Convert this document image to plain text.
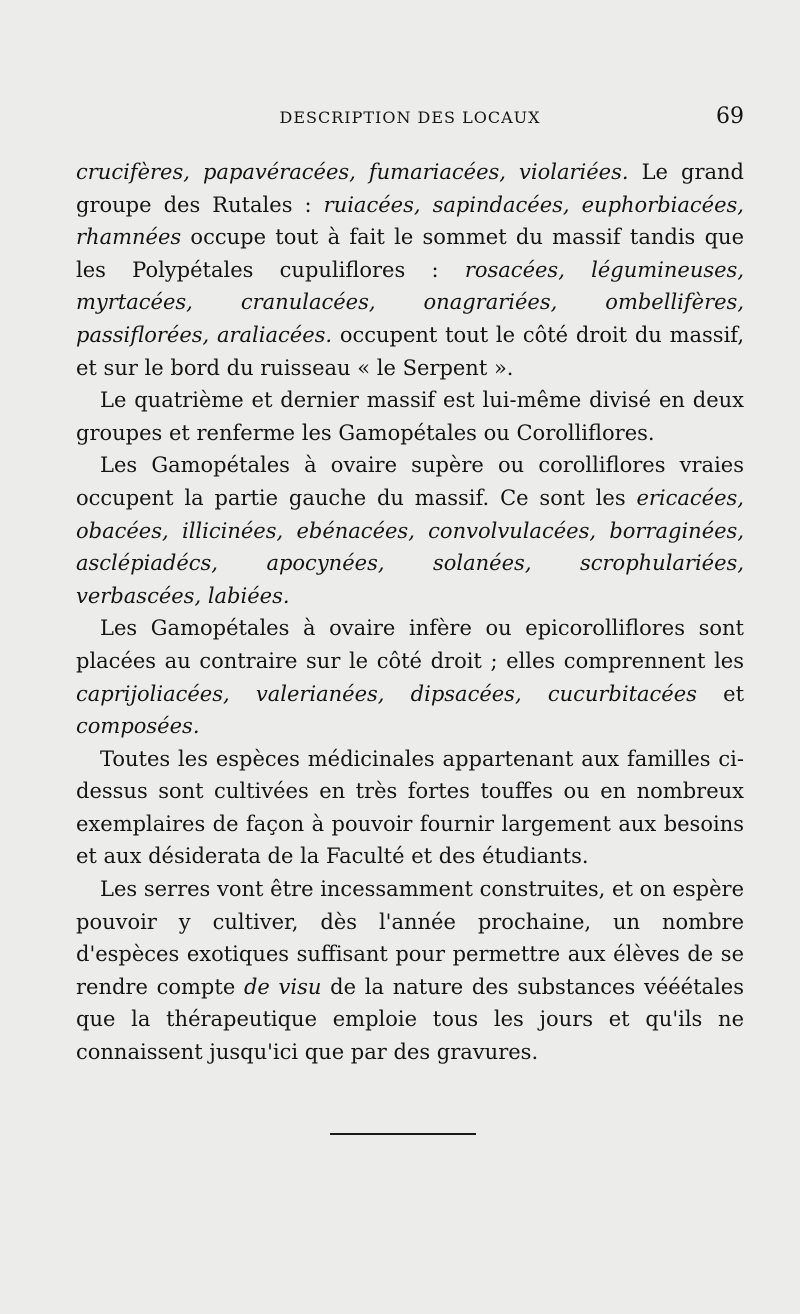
DESCRIPTION DES LOCAUX	69

crucifères, papavéracées, fumariacées, violariées. Le grand groupe des Rutales : ruiacées, sapindacées, euphorbiacées, rhamnées occupe tout à fait le sommet du massif tandis que les Polypétales cupuliflores : rosacées, légumineuses, myrtacées, cranulacées, onagrariées, ombellifères, passiflorées, araliacées. occupent tout le côté droit du massif, et sur le bord du ruisseau « le Serpent ».

Le quatrième et dernier massif est lui-même divisé en deux groupes et renferme les Gamopétales ou Corolliflores.

Les Gamopétales à ovaire supère ou corolliflores vraies occupent la partie gauche du massif. Ce sont les ericacées, obacées, illicinées, ebénacées, convolvulacées, borraginées, asclépiadécs, apocynées, solanées, scrophulariées, verbascées, labiées.

Les Gamopétales à ovaire infère ou epicorolliflores sont placées au contraire sur le côté droit ; elles comprennent les caprijoliacées, valerianées, dipsacées, cucurbitacées et composées.

Toutes les espèces médicinales appartenant aux familles ci-dessus sont cultivées en très fortes touffes ou en nombreux exemplaires de façon à pouvoir fournir largement aux besoins et aux désiderata de la Faculté et des étudiants.

Les serres vont être incessamment construites, et on espère pouvoir y cultiver, dès l'année prochaine, un nombre d'espèces exotiques suffisant pour permettre aux élèves de se rendre compte de visu de la nature des substances vééétales que la thérapeutique emploie tous les jours et qu'ils ne connaissent jusqu'ici que par des gravures.
